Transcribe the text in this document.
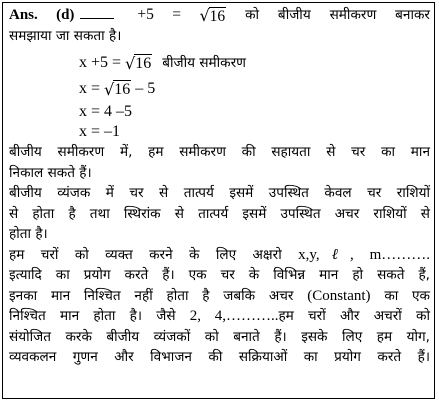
Ans. (d)	+5 = √ 16 को बीजीय समीकरण बनाकर
समझाया जा सकता है।
x +5 = √ 16 बीजीय समीकरण
x = √ 16 – 5
x = 4 –5
x = –1
बीजीय समीकरण में, हम समीकरण की सहायता से चर का मान
निकाल सकते हैं।
बीजीय व्यंजक में चर से तात्पर्य इसमें उपस्थित केवल चर राशियों
से होता है तथा स्थिरांक से तात्पर्य इसमें उपस्थित अचर राशियों से
होता है।
हम चरों को व्यक्त करने के लिए अक्षरो x,y,ℓ, m……….
इत्यादि का प्रयोग करते हैं। एक चर के विभिन्न मान हो सकते हैं,
इनका मान निश्चित नहीं होता है जबकि अचर (Constant) का एक
निश्चित मान होता है। जैसे 2, 4,………..हम चरों और अचरों को
संयोजित करके बीजीय व्यंजकों को बनाते हैं। इसके लिए हम योग,
व्यवकलन गुणन और विभाजन की सक्रियाओं का प्रयोग करते हैं।
